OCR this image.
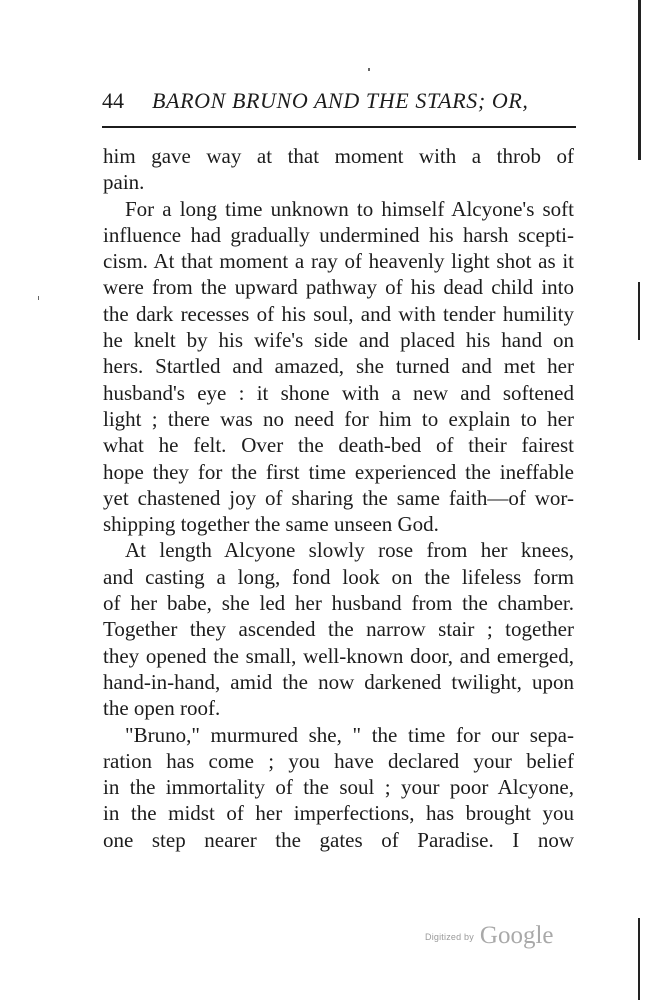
44 BARON BRUNO AND THE STARS; OR,
him gave way at that moment with a throb of
pain.
For a long time unknown to himself Alcyone's soft
influence had gradually undermined his harsh scepti-
cism. At that moment a ray of heavenly light shot as it
were from the upward pathway of his dead child into
the dark recesses of his soul, and with tender humility
he knelt by his wife's side and placed his hand on
hers. Startled and amazed, she turned and met her
husband's eye : it shone with a new and softened
light ; there was no need for him to explain to her
what he felt. Over the death-bed of their fairest
hope they for the first time experienced the ineffable
yet chastened joy of sharing the same faith—of wor-
shipping together the same unseen God.
At length Alcyone slowly rose from her knees,
and casting a long, fond look on the lifeless form
of her babe, she led her husband from the chamber.
Together they ascended the narrow stair ; together
they opened the small, well-known door, and emerged,
hand-in-hand, amid the now darkened twilight, upon
the open roof.
"Bruno," murmured she, " the time for our sepa-
ration has come ; you have declared your belief
in the immortality of the soul ; your poor Alcyone,
in the midst of her imperfections, has brought you
one step nearer the gates of Paradise. I now
Digitized by Google
